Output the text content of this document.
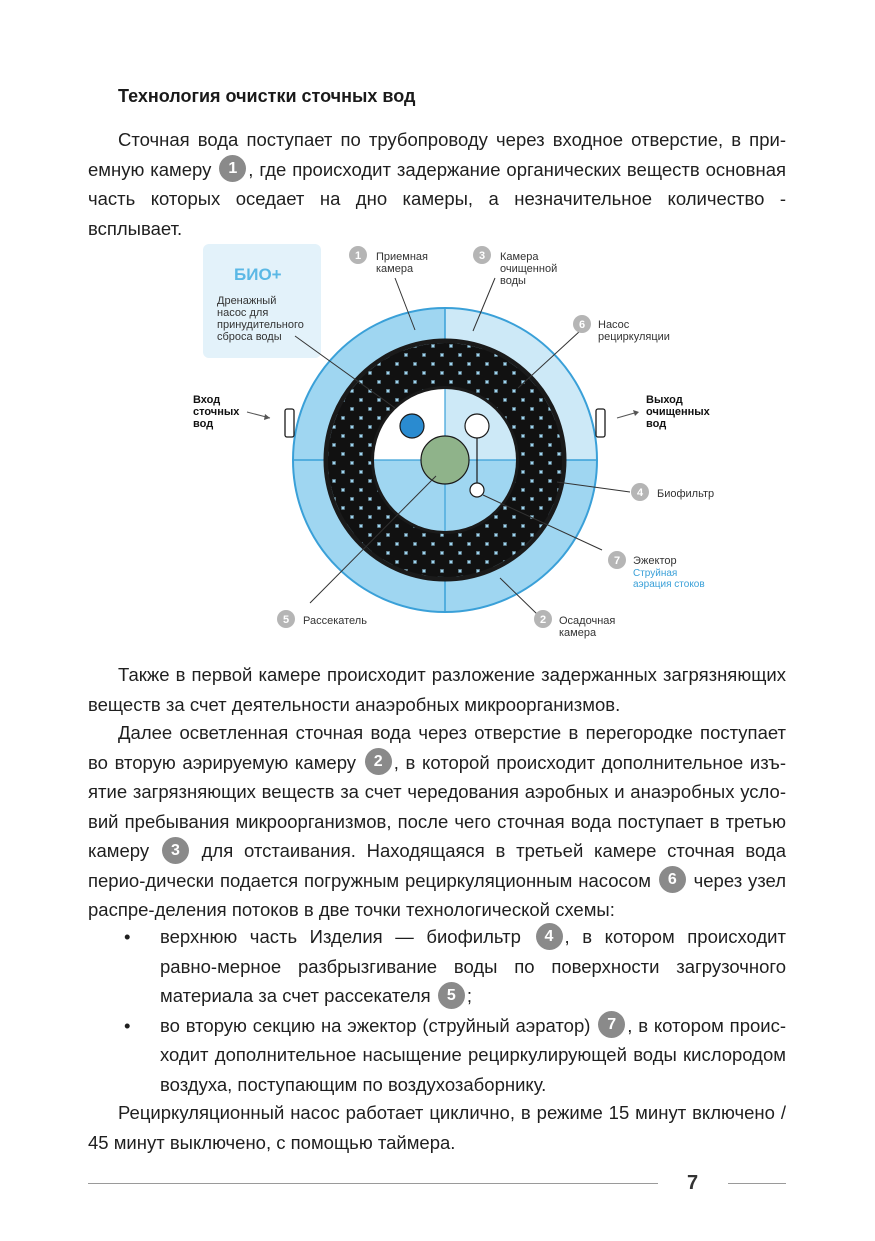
Технология очистки сточных вод

Сточная вода поступает по трубопроводу через входное отверстие, в при-емную камеру 1 , где происходит задержание органических веществ основная часть которых оседает на дно камеры, а незначительное количество - всплывает.

БИО+
Дренажный насос для принудительного сброса воды
Вход сточных вод
Выход очищенных вод
1 Приемная камера
3 Камера очищенной воды
6 Насос рециркуляции
4 Биофильтр
7 Эжектор
Струйная аэрация стоков
2 Осадочная камера
5 Рассекатель

Также в первой камере происходит разложение задержанных загрязняющих веществ за счет деятельности анаэробных микроорганизмов.

Далее осветленная сточная вода через отверстие в перегородке поступает во вторую аэрируемую камеру 2 , в которой происходит дополнительное изъ-ятие загрязняющих веществ за счет чередования аэробных и анаэробных усло-вий пребывания микроорганизмов, после чего сточная вода поступает в третью камеру 3 для отстаивания. Находящаяся в третьей камере сточная вода перио-дически подается погружным рециркуляционным насосом 6 через узел распре-деления потоков в две точки технологической схемы:

• верхнюю часть Изделия — биофильтр 4 , в котором происходит равно-мерное разбрызгивание воды по поверхности загрузочного материала за счет рассекателя 5 ;
• во вторую секцию на эжектор (струйный аэратор) 7 , в котором проис-ходит дополнительное насыщение рециркулирующей воды кислородом воздуха, поступающим по воздухозаборнику.

Рециркуляционный насос работает циклично, в режиме 15 минут включено / 45 минут выключено, с помощью таймера.

7
